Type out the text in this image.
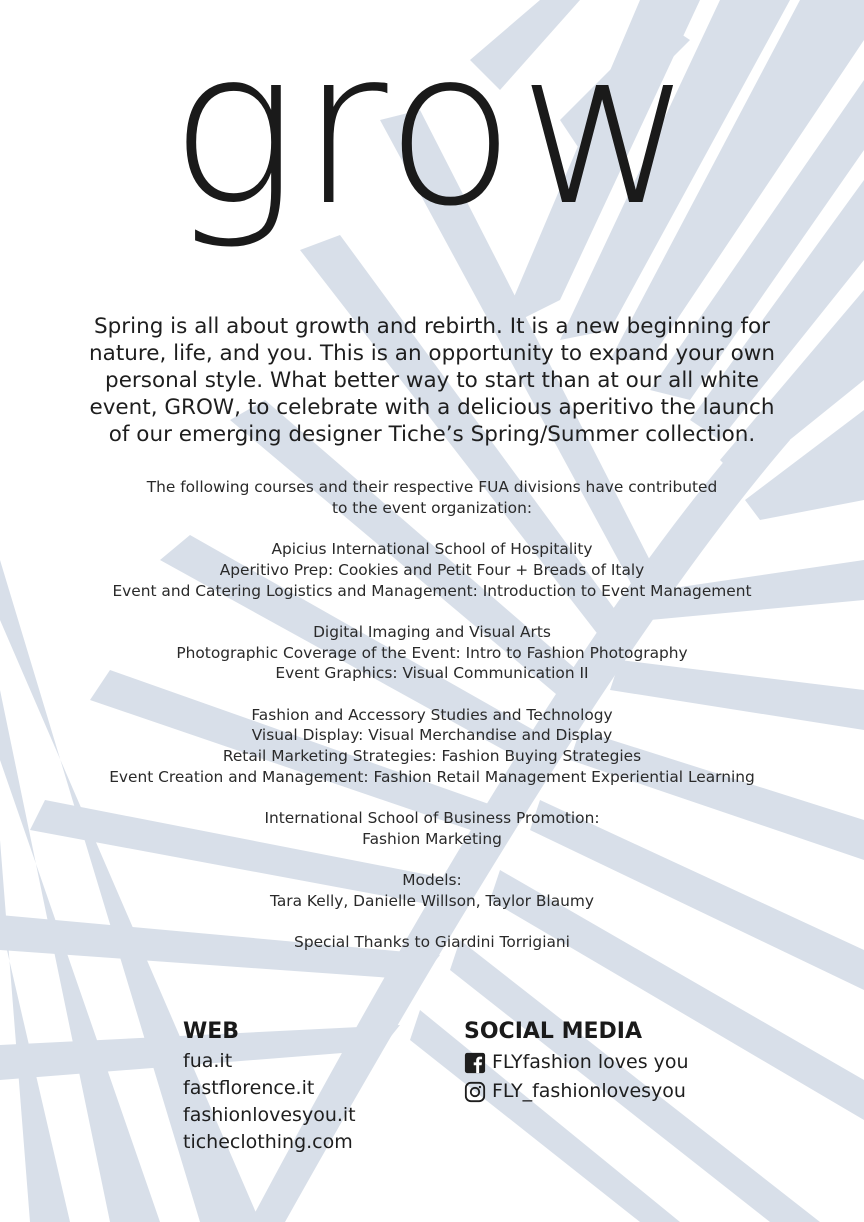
grow
Spring is all about growth and rebirth. It is a new beginning for
nature, life, and you. This is an opportunity to expand your own
personal style. What better way to start than at our all white
event, GROW, to celebrate with a delicious aperitivo the launch
of our emerging designer Tiche’s Spring/Summer collection.
The following courses and their respective FUA divisions have contributed
to the event organization:
Apicius International School of Hospitality
Aperitivo Prep: Cookies and Petit Four + Breads of Italy
Event and Catering Logistics and Management: Introduction to Event Management
Digital Imaging and Visual Arts
Photographic Coverage of the Event: Intro to Fashion Photography
Event Graphics: Visual Communication II
Fashion and Accessory Studies and Technology
Visual Display: Visual Merchandise and Display
Retail Marketing Strategies: Fashion Buying Strategies
Event Creation and Management: Fashion Retail Management Experiential Learning
International School of Business Promotion:
Fashion Marketing
Models:
Tara Kelly, Danielle Willson, Taylor Blaumy
Special Thanks to Giardini Torrigiani
WEB
fua.it
fastflorence.it
fashionlovesyou.it
ticheclothing.com
SOCIAL MEDIA
FLYfashion loves you
FLY_fashionlovesyou
